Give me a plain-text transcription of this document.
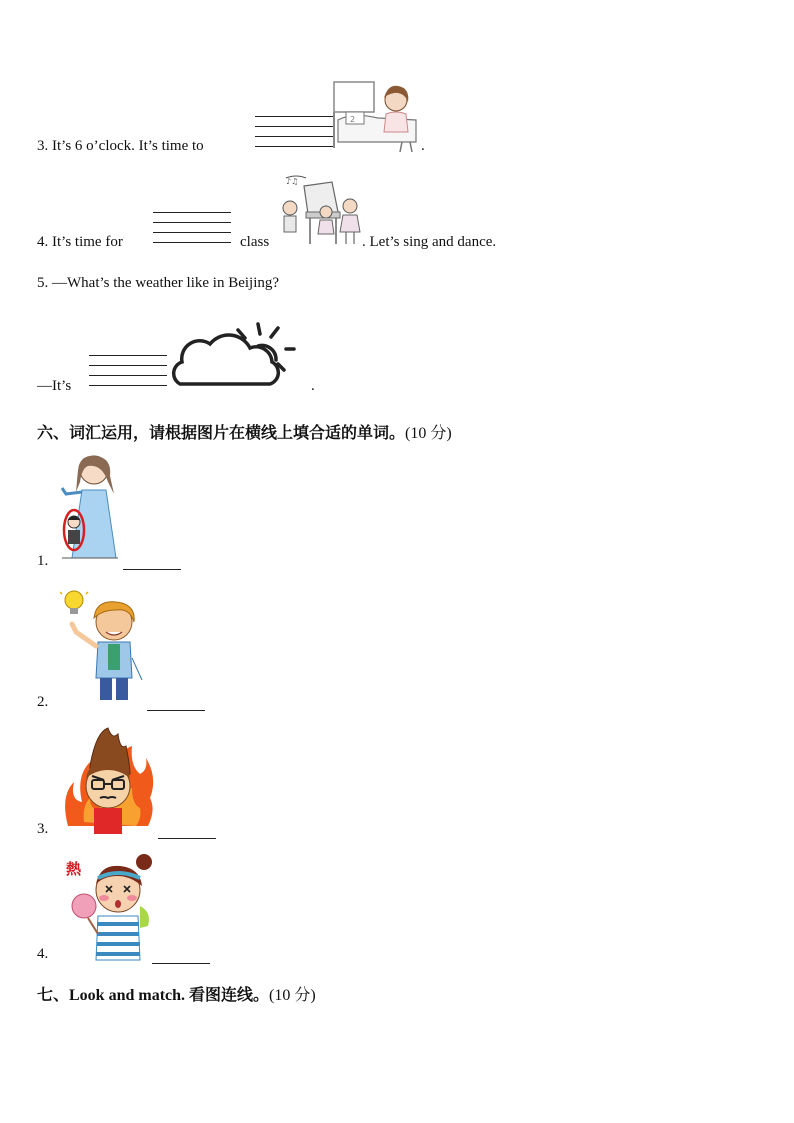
3. It’s 6 o’clock. It’s time to
2
.
4. It’s time for	class
♪♫
. Let’s sing and dance.
5. —What’s the weather like in Beijing?
—It’s	.
六、词汇运用，请根据图片在横线上填合适的单词。(10 分)
1.
2.
3.
熱
4.
七、Look and match. 看图连线。(10 分)
